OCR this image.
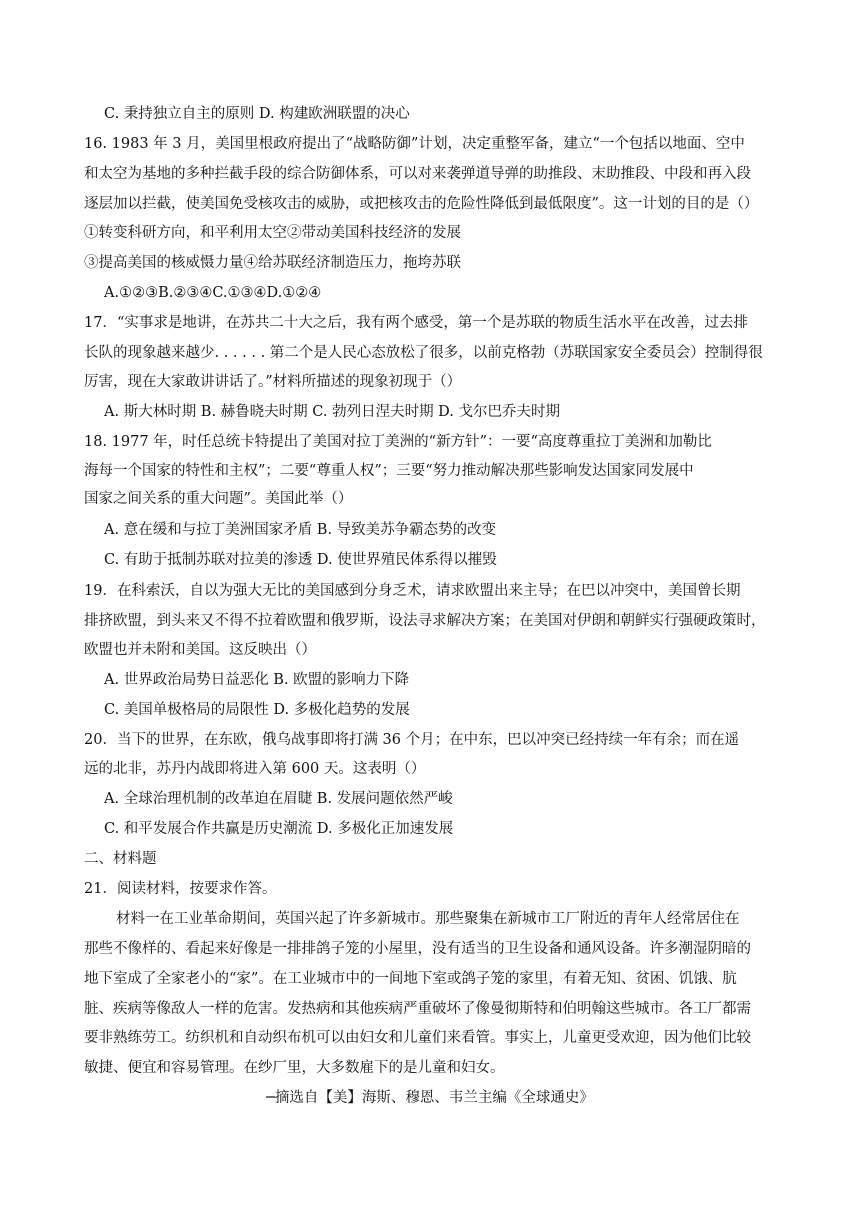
C. 秉持独立自主的原则 D. 构建欧洲联盟的决心
16. 1983 年 3 月，美国里根政府提出了“战略防御”计划，决定重整军备，建立“一个包括以地面、空中
和太空为基地的多种拦截手段的综合防御体系，可以对来袭弹道导弹的助推段、末助推段、中段和再入段
逐层加以拦截，使美国免受核攻击的威胁，或把核攻击的危险性降低到最低限度”。这一计划的目的是（）
①转变科研方向，和平利用太空②带动美国科技经济的发展
③提高美国的核威慑力量④给苏联经济制造压力，拖垮苏联
A.①②③B.②③④C.①③④D.①②④
17．“实事求是地讲，在苏共二十大之后，我有两个感受，第一个是苏联的物质生活水平在改善，过去排
长队的现象越来越少. . . . . . 第二个是人民心态放松了很多，以前克格勃（苏联国家安全委员会）控制得很
厉害，现在大家敢讲讲话了。”材料所描述的现象初现于（）
A. 斯大林时期 B. 赫鲁晓夫时期 C. 勃列日涅夫时期 D. 戈尔巴乔夫时期
18. 1977 年，时任总统卡特提出了美国对拉丁美洲的“新方针”：一要“高度尊重拉丁美洲和加勒比
海每一个国家的特性和主权”；二要“尊重人权”；三要“努力推动解决那些影响发达国家同发展中
国家之间关系的重大问题”。美国此举（）
A. 意在缓和与拉丁美洲国家矛盾 B. 导致美苏争霸态势的改变
C. 有助于抵制苏联对拉美的渗透 D. 使世界殖民体系得以摧毁
19．在科索沃，自以为强大无比的美国感到分身乏术，请求欧盟出来主导；在巴以冲突中，美国曾长期
排挤欧盟，到头来又不得不拉着欧盟和俄罗斯，设法寻求解决方案；在美国对伊朗和朝鲜实行强硬政策时，
欧盟也并未附和美国。这反映出（）
A. 世界政治局势日益恶化 B. 欧盟的影响力下降
C. 美国单极格局的局限性 D. 多极化趋势的发展
20．当下的世界，在东欧，俄乌战事即将打满 36 个月；在中东，巴以冲突已经持续一年有余；而在遥
远的北非，苏丹内战即将进入第 600 天。这表明（）
A. 全球治理机制的改革迫在眉睫 B. 发展问题依然严峻
C. 和平发展合作共赢是历史潮流 D. 多极化正加速发展
二、材料题
21．阅读材料，按要求作答。
材料一在工业革命期间，英国兴起了许多新城市。那些聚集在新城市工厂附近的青年人经常居住在
那些不像样的、看起来好像是一排排鸽子笼的小屋里，没有适当的卫生设备和通风设备。许多潮湿阴暗的
地下室成了全家老小的“家”。在工业城市中的一间地下室或鸽子笼的家里，有着无知、贫困、饥饿、肮
脏、疾病等像敌人一样的危害。发热病和其他疾病严重破坏了像曼彻斯特和伯明翰这些城市。各工厂都需
要非熟练劳工。纺织机和自动织布机可以由妇女和儿童们来看管。事实上，儿童更受欢迎，因为他们比较
敏捷、便宜和容易管理。在纱厂里，大多数雇下的是儿童和妇女。
─摘选自【美】海斯、穆恩、韦兰主编《全球通史》
